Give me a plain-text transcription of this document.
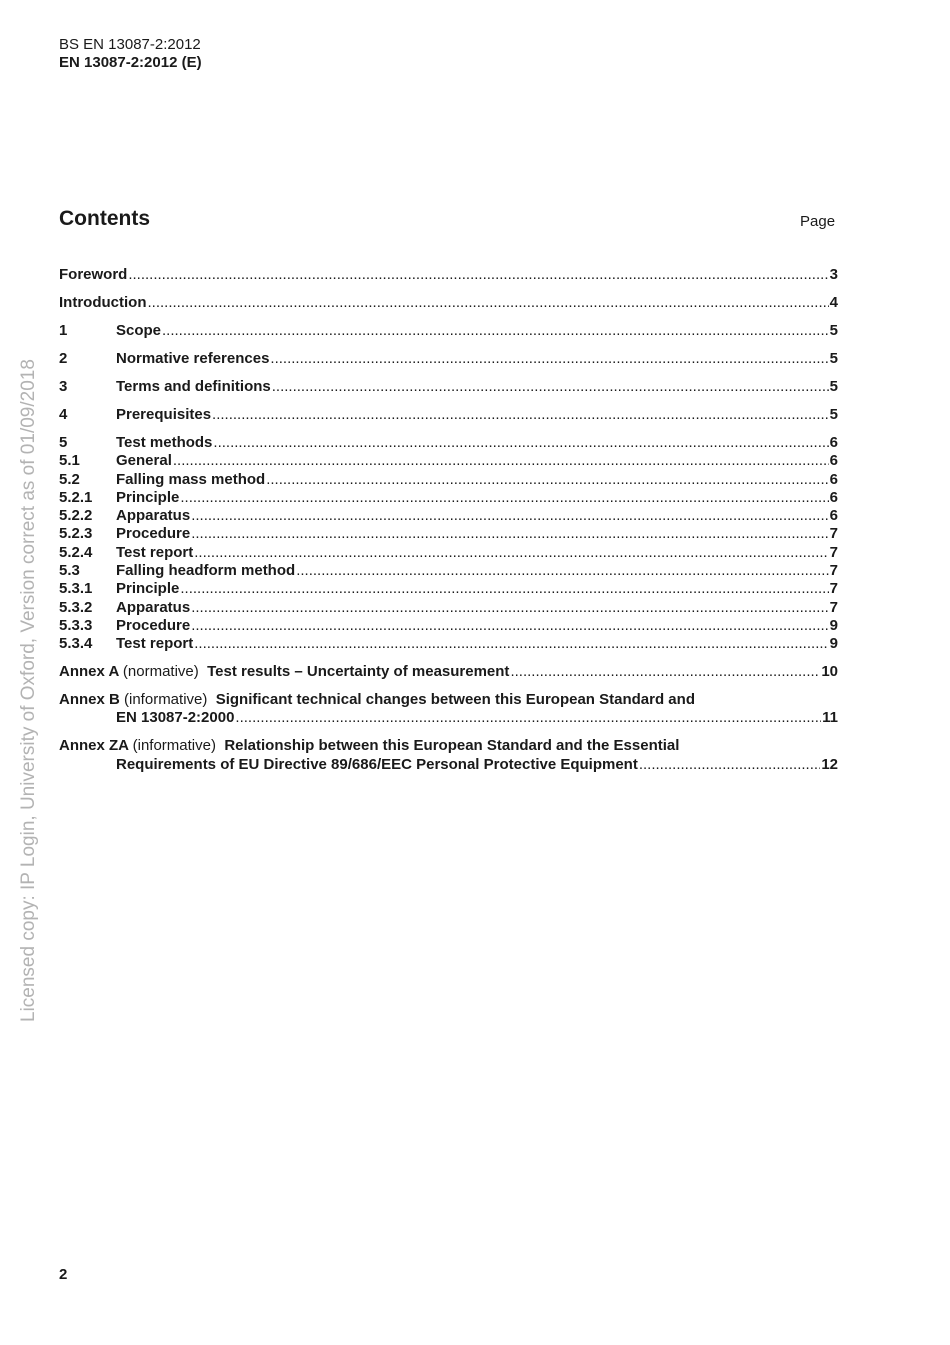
BS EN 13087-2:2012
EN 13087-2:2012 (E)
Contents	Page
Foreword .....	3
Introduction .....	4
1	Scope .....	5
2	Normative references .....	5
3	Terms and definitions .....	5
4	Prerequisites .....	5
5	Test methods .....	6
5.1	General .....	6
5.2	Falling mass method .....	6
5.2.1	Principle .....	6
5.2.2	Apparatus .....	6
5.2.3	Procedure .....	7
5.2.4	Test report .....	7
5.3	Falling headform method .....	7
5.3.1	Principle .....	7
5.3.2	Apparatus .....	7
5.3.3	Procedure .....	9
5.3.4	Test report .....	9
Annex A (normative) Test results – Uncertainty of measurement .....	10
Annex B (informative) Significant technical changes between this European Standard and
EN 13087-2:2000 .....	11
Annex ZA (informative) Relationship between this European Standard and the Essential
Requirements of EU Directive 89/686/EEC Personal Protective Equipment .....	12
2
Licensed copy: IP Login, University of Oxford, Version correct as of 01/09/2018
